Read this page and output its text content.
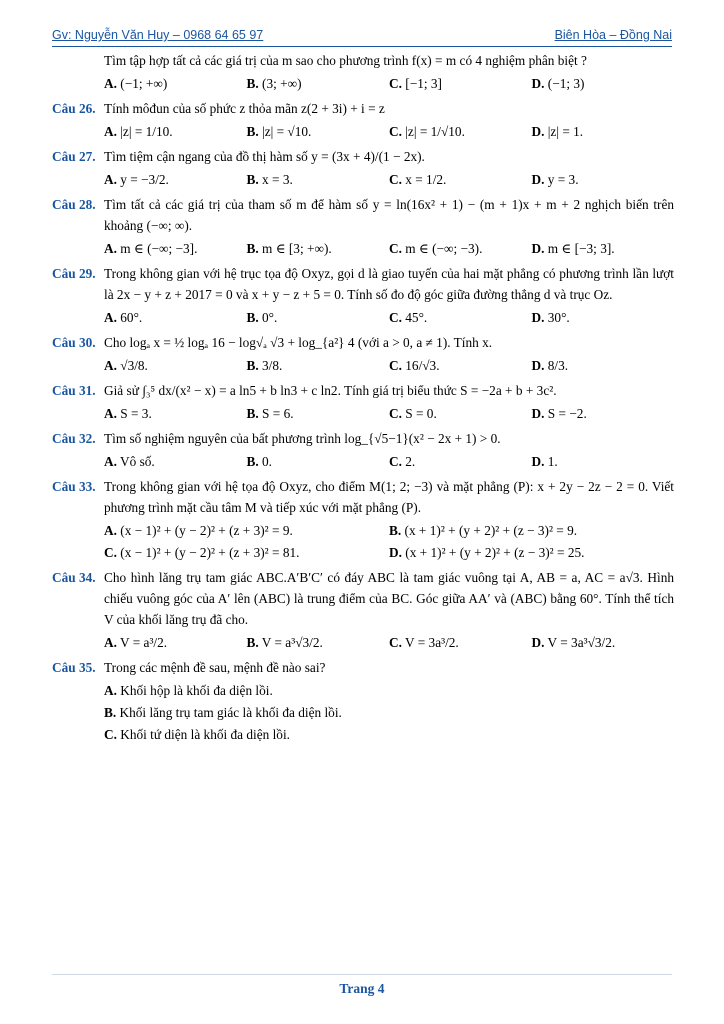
Gv: Nguyễn Văn Huy – 0968 64 65 97	Biên Hòa – Đồng Nai
Tìm tập hợp tất cả các giá trị của m sao cho phương trình f(x) = m có 4 nghiệm phân biệt ?
A. (−1; +∞)	B. (3; +∞)	C. [−1; 3]	D. (−1; 3)
Câu 26. Tính môđun của số phức z thỏa mãn z(2 + 3i) + i = z
A. |z| = 1/10.	B. |z| = √10.	C. |z| = 1/√10.	D. |z| = 1.
Câu 27. Tìm tiệm cận ngang của đồ thị hàm số y = (3x + 4)/(1 − 2x).
A. y = −3/2.	B. x = 3.	C. x = 1/2.	D. y = 3.
Câu 28. Tìm tất cả các giá trị của tham số m để hàm số y = ln(16x² + 1) − (m + 1)x + m + 2 nghịch biến trên khoảng (−∞; ∞).
A. m ∈ (−∞; −3].	B. m ∈ [3; +∞).	C. m ∈ (−∞; −3).	D. m ∈ [−3; 3].
Câu 29. Trong không gian với hệ trục tọa độ Oxyz, gọi d là giao tuyến của hai mặt phẳng có phương trình lần lượt là 2x − y + z + 2017 = 0 và x + y − z + 5 = 0. Tính số đo độ góc giữa đường thẳng d và trục Oz.
A. 60°.	B. 0°.	C. 45°.	D. 30°.
Câu 30. Cho logₐ x = ½ logₐ 16 − log√ₐ √3 + log_{a²} 4 (với a > 0, a ≠ 1). Tính x.
A. √3/8.	B. 3/8.	C. 16/√3.	D. 8/3.
Câu 31. Giả sử ∫₃⁵ dx/(x² − x) = a ln5 + b ln3 + c ln2. Tính giá trị biểu thức S = −2a + b + 3c².
A. S = 3.	B. S = 6.	C. S = 0.	D. S = −2.
Câu 32. Tìm số nghiệm nguyên của bất phương trình log_{√5−1}(x² − 2x + 1) > 0.
A. Vô số.	B. 0.	C. 2.	D. 1.
Câu 33. Trong không gian với hệ tọa độ Oxyz, cho điểm M(1; 2; −3) và mặt phẳng (P): x + 2y − 2z − 2 = 0. Viết phương trình mặt cầu tâm M và tiếp xúc với mặt phẳng (P).
A. (x − 1)² + (y − 2)² + (z + 3)² = 9.	B. (x + 1)² + (y + 2)² + (z − 3)² = 9.
C. (x − 1)² + (y − 2)² + (z + 3)² = 81.	D. (x + 1)² + (y + 2)² + (z − 3)² = 25.
Câu 34. Cho hình lăng trụ tam giác ABC.A′B′C′ có đáy ABC là tam giác vuông tại A, AB = a, AC = a√3. Hình chiếu vuông góc của A′ lên (ABC) là trung điểm của BC. Góc giữa AA′ và (ABC) bằng 60°. Tính thể tích V của khối lăng trụ đã cho.
A. V = a³/2.	B. V = a³√3/2.	C. V = 3a³/2.	D. V = 3a³√3/2.
Câu 35. Trong các mệnh đề sau, mệnh đề nào sai?
A. Khối hộp là khối đa diện lồi.
B. Khối lăng trụ tam giác là khối đa diện lồi.
C. Khối tứ diện là khối đa diện lồi.
Trang 4
